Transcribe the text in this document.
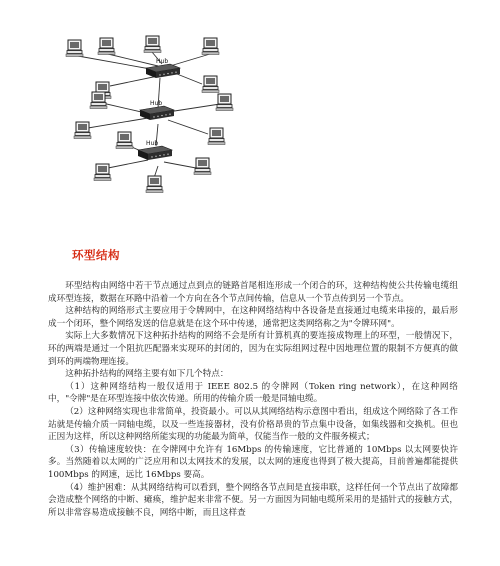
Hub
Hub
Hub
环型结构

环型结构由网络中若干节点通过点到点的链路首尾相连形成一个闭合的环，这种结构使公共传输电缆组成环型连接，数据在环路中沿着一个方向在各个节点间传输，信息从一个节点传到另一个节点。

这种结构的网络形式主要应用于令牌网中，在这种网络结构中各设备是直接通过电缆来串接的，最后形成一个闭环，整个网络发送的信息就是在这个环中传递，通常把这类网络称之为"令牌环网"。

实际上大多数情况下这种拓扑结构的网络不会是所有计算机真的要连接成物理上的环型，一般情况下，环的两端是通过一个阻抗匹配器来实现环的封闭的，因为在实际组网过程中因地理位置的限制不方便真的做到环的两端物理连接。

这种拓扑结构的网络主要有如下几个特点：

（1）这种网络结构一般仅适用于 IEEE 802.5 的令牌网（Token ring network），在这种网络中，"令牌"是在环型连接中依次传递。所用的传输介质一般是同轴电缆。

（2）这种网络实现也非常简单，投资最小。可以从其网络结构示意图中看出，组成这个网络除了各工作站就是传输介质一同轴电缆，以及一些连接器材，没有价格昂贵的节点集中设备，如集线器和交换机。但也正因为这样，所以这种网络所能实现的功能最为简单，仅能当作一般的文件服务模式；

（3）传输速度较快：在令牌网中允许有 16Mbps 的传输速度，它比普通的 10Mbps 以太网要快许多。当然随着以太网的广泛应用和以太网技术的发展，以太网的速度也得到了极大提高，目前普遍都能提供 100Mbps 的网速，远比 16Mbps 要高。

（4）维护困难：从其网络结构可以看到，整个网络各节点间是直接串联，这样任何一个节点出了故障都会造成整个网络的中断、瘫痪，维护起来非常不便。另一方面因为同轴电缆所采用的是插针式的接触方式，所以非常容易造成接触不良，网络中断，而且这样查
